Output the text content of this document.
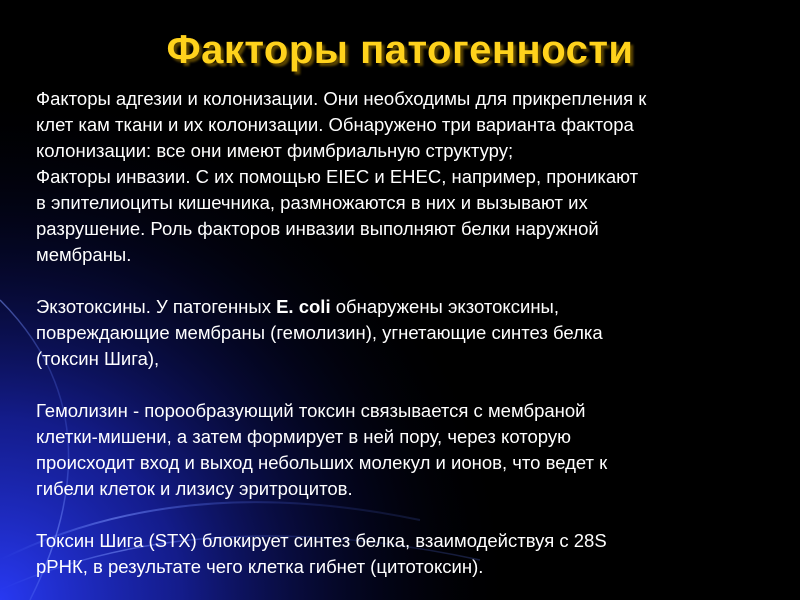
Факторы патогенности

Факторы адгезии и колонизации. Они необходимы для прикрепления к
клет кам ткани и их колонизации. Обнаружено три варианта фактора
колонизации: все они имеют фимбриальную структуру;
Факторы инвазии. С их помощью EIEC и EHEC, например, проникают
в эпителиоциты кишечника, размножаются в них и вызывают их
разрушение. Роль факторов инвазии выполняют белки наружной
мембраны.

Экзотоксины. У патогенных E. coli обнаружены экзотоксины,
повреждающие мембраны (гемолизин), угнетающие синтез белка
(токсин Шига),

Гемолизин - порообразующий токсин связывается с мембраной
клетки-мишени, а затем формирует в ней пору, через которую
происходит вход и выход небольших молекул и ионов, что ведет к
гибели клеток и лизису эритроцитов.

Токсин Шига (STX) блокирует синтез белка, взаимодействуя с 28S
рРНК, в результате чего клетка гибнет (цитотоксин).
